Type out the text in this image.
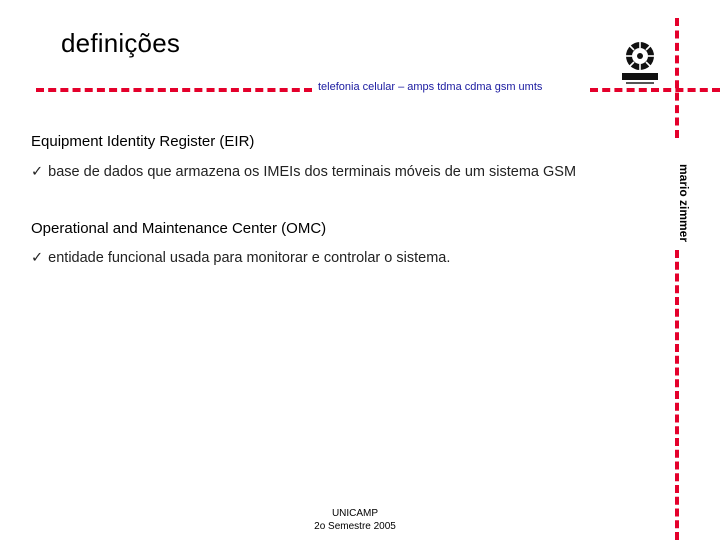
definições
telefonia celular – amps tdma cdma gsm umts
mario zimmer
Equipment Identity Register (EIR)
✓ base de dados que armazena os IMEIs dos terminais móveis de um sistema GSM
Operational and Maintenance Center (OMC)
✓ entidade funcional usada para monitorar e controlar o sistema.
UNICAMP
2o Semestre 2005
